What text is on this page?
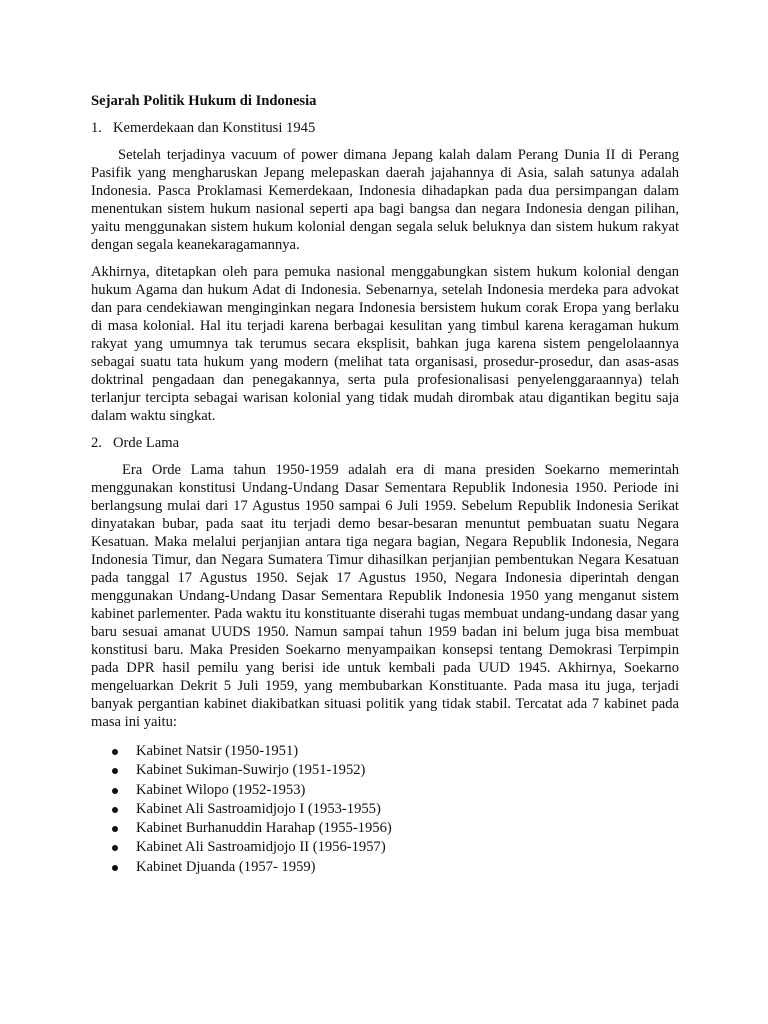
Sejarah Politik Hukum di Indonesia

1. Kemerdekaan dan Konstitusi 1945

Setelah terjadinya vacuum of power dimana Jepang kalah dalam Perang Dunia II di Perang Pasifik yang mengharuskan Jepang melepaskan daerah jajahannya di Asia, salah satunya adalah Indonesia. Pasca Proklamasi Kemerdekaan, Indonesia dihadapkan pada dua persimpangan dalam menentukan sistem hukum nasional seperti apa bagi bangsa dan negara Indonesia dengan pilihan, yaitu menggunakan sistem hukum kolonial dengan segala seluk beluknya dan sistem hukum rakyat dengan segala keanekaragamannya.

Akhirnya, ditetapkan oleh para pemuka nasional menggabungkan sistem hukum kolonial dengan hukum Agama dan hukum Adat di Indonesia. Sebenarnya, setelah Indonesia merdeka para advokat dan para cendekiawan menginginkan negara Indonesia bersistem hukum corak Eropa yang berlaku di masa kolonial. Hal itu terjadi karena berbagai kesulitan yang timbul karena keragaman hukum rakyat yang umumnya tak terumus secara eksplisit, bahkan juga karena sistem pengelolaannya sebagai suatu tata hukum yang modern (melihat tata organisasi, prosedur-prosedur, dan asas-asas doktrinal pengadaan dan penegakannya, serta pula profesionalisasi penyelenggaraannya) telah terlanjur tercipta sebagai warisan kolonial yang tidak mudah dirombak atau digantikan begitu saja dalam waktu singkat.

2. Orde Lama

Era Orde Lama tahun 1950-1959 adalah era di mana presiden Soekarno memerintah menggunakan konstitusi Undang-Undang Dasar Sementara Republik Indonesia 1950. Periode ini berlangsung mulai dari 17 Agustus 1950 sampai 6 Juli 1959. Sebelum Republik Indonesia Serikat dinyatakan bubar, pada saat itu terjadi demo besar-besaran menuntut pembuatan suatu Negara Kesatuan. Maka melalui perjanjian antara tiga negara bagian, Negara Republik Indonesia, Negara Indonesia Timur, dan Negara Sumatera Timur dihasilkan perjanjian pembentukan Negara Kesatuan pada tanggal 17 Agustus 1950. Sejak 17 Agustus 1950, Negara Indonesia diperintah dengan menggunakan Undang-Undang Dasar Sementara Republik Indonesia 1950 yang menganut sistem kabinet parlementer. Pada waktu itu konstituante diserahi tugas membuat undang-undang dasar yang baru sesuai amanat UUDS 1950. Namun sampai tahun 1959 badan ini belum juga bisa membuat konstitusi baru. Maka Presiden Soekarno menyampaikan konsepsi tentang Demokrasi Terpimpin pada DPR hasil pemilu yang berisi ide untuk kembali pada UUD 1945. Akhirnya, Soekarno mengeluarkan Dekrit 5 Juli 1959, yang membubarkan Konstituante. Pada masa itu juga, terjadi banyak pergantian kabinet diakibatkan situasi politik yang tidak stabil. Tercatat ada 7 kabinet pada masa ini yaitu:

Kabinet Natsir (1950-1951)
Kabinet Sukiman-Suwirjo (1951-1952)
Kabinet Wilopo (1952-1953)
Kabinet Ali Sastroamidjojo I (1953-1955)
Kabinet Burhanuddin Harahap (1955-1956)
Kabinet Ali Sastroamidjojo II (1956-1957)
Kabinet Djuanda (1957- 1959)
